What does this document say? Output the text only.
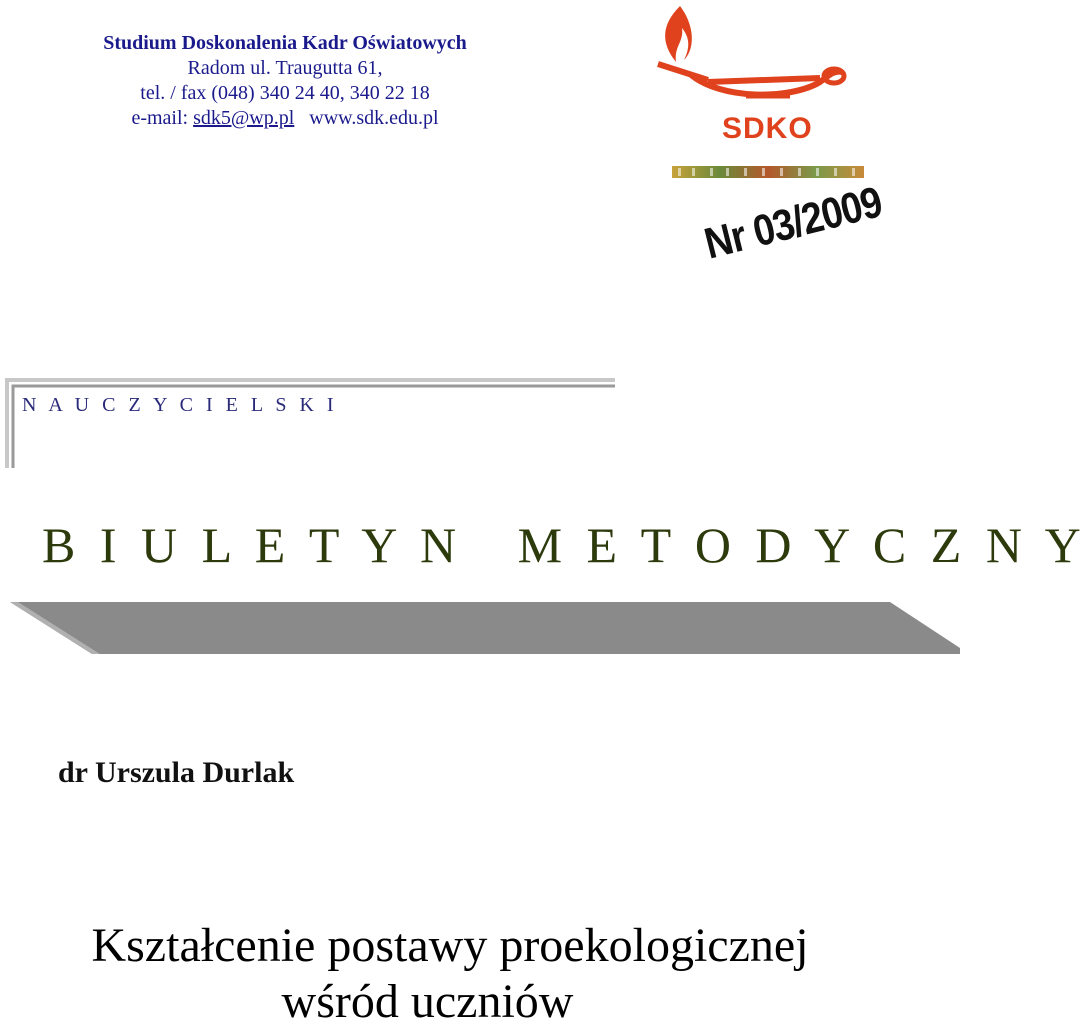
Studium Doskonalenia Kadr Oświatowych
Radom ul. Traugutta 61,
tel. / fax (048) 340 24 40, 340 22 18
e-mail: sdk5@wp.pl www.sdk.edu.pl	SDKO
Nr 03/2009
N A U C Z Y C I E L S K I
B I U L E T Y N   M E T O D Y C Z N Y
dr Urszula Durlak
Kształcenie postawy proekologicznej
wśród uczniów
